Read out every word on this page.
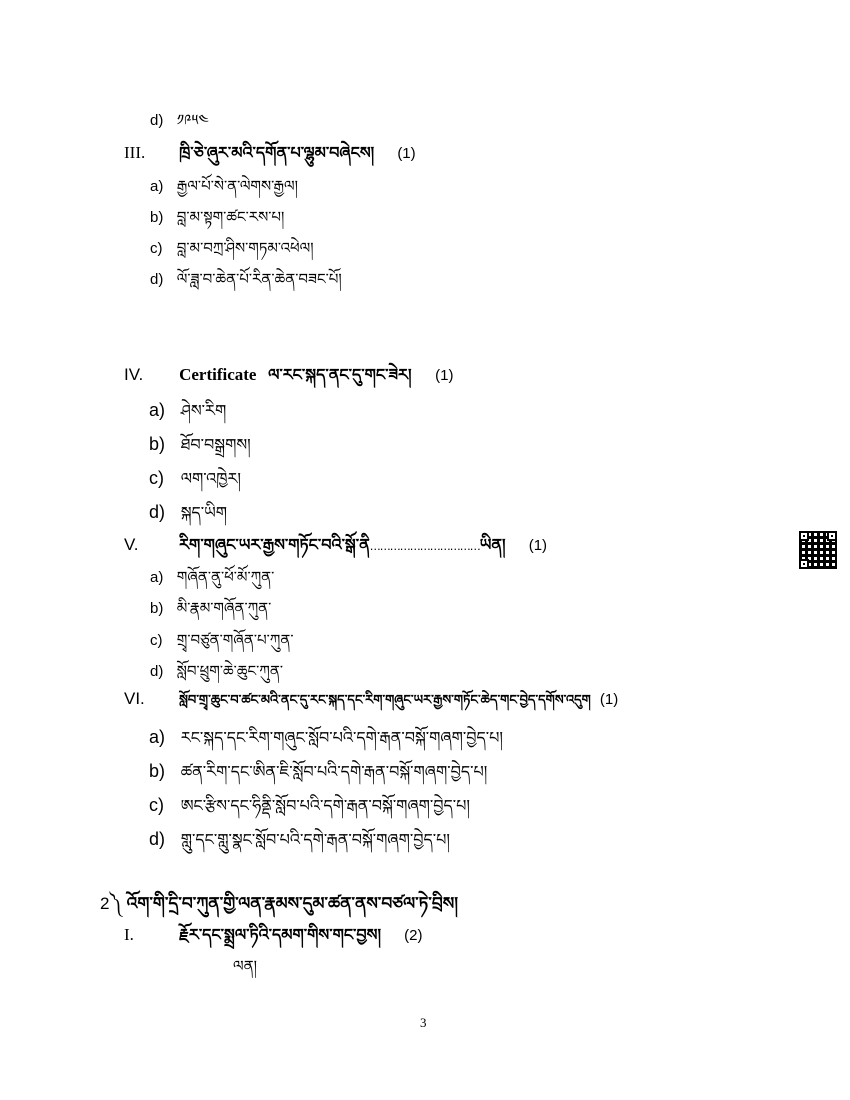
d) ༡༩༥༤
III. ཁྲི་ཅེ་ཞུར་མའི་དགོན་པ་ལྷུམ་བཞེངས། (1)
a) རྒྱལ་པོ་སེ་ན་ལེགས་རྒྱལ།
b) བླ་མ་སྟག་ཚང་རས་པ།
c) བླ་མ་བཀྲ་ཤིས་གཏམ་འཕེལ།
d) ལོ་ཟླ་བ་ཆེན་པོ་རིན་ཆེན་བཟང་པོ།
IV. Certificate ལ་རང་སྐད་ནང་དུ་གང་ཟེར། (1)
a) ཤེས་རིག
b) ཐོབ་བསྒྲགས།
c) ལག་འཁྱེར།
d) སྐད་ཡིག
V.	རིག་གཞུང་ཡར་རྒྱས་གཏོང་བའི་སྒོ་ནི……………………………ཡིན། (1)
a) གཞོན་ནུ་ཕོ་མོ་ཀུན་
b) མི་རྣམ་གཞོན་ཀུན་
c) གྲྭ་བཙུན་གཞོན་པ་ཀུན་
d) སློབ་ཕྲུག་ཆེ་ཆུང་ཀུན་
VI.	སློབ་གྲྭ་ཆུང་བ་ཚང་མའི་ནང་དུ་རང་སྐད་དང་རིག་གཞུང་ཡར་རྒྱས་གཏོང་ཆེད་གང་བྱེད་དགོས་འདུག (1)
a) རང་སྐད་དང་རིག་གཞུང་སློབ་པའི་དགེ་རྒན་བསྐོ་གཞག་བྱེད་པ།
b) ཚན་རིག་དང་ཨིན་ཇི་སློབ་པའི་དགེ་རྒན་བསྐོ་གཞག་བྱེད་པ།
c) ཨང་རྩིས་དང་ཧིནྡི་སློབ་པའི་དགེ་རྒན་བསྐོ་གཞག་བྱེད་པ།
d) གླུ་དང་གླུ་སྣང་སློབ་པའི་དགེ་རྒན་བསྐོ་གཞག་བྱེད་པ།
2༽ འོག་གི་དྲི་བ་ཀུན་གྱི་ལན་རྣམས་དུམ་ཚན་ནས་བཙལ་ཏེ་བྲིས།
I.	རྗོར་དང་སྨྲལ་ཏིའི་དམག་གིས་གང་བྱས། (2)
ལན།
3
